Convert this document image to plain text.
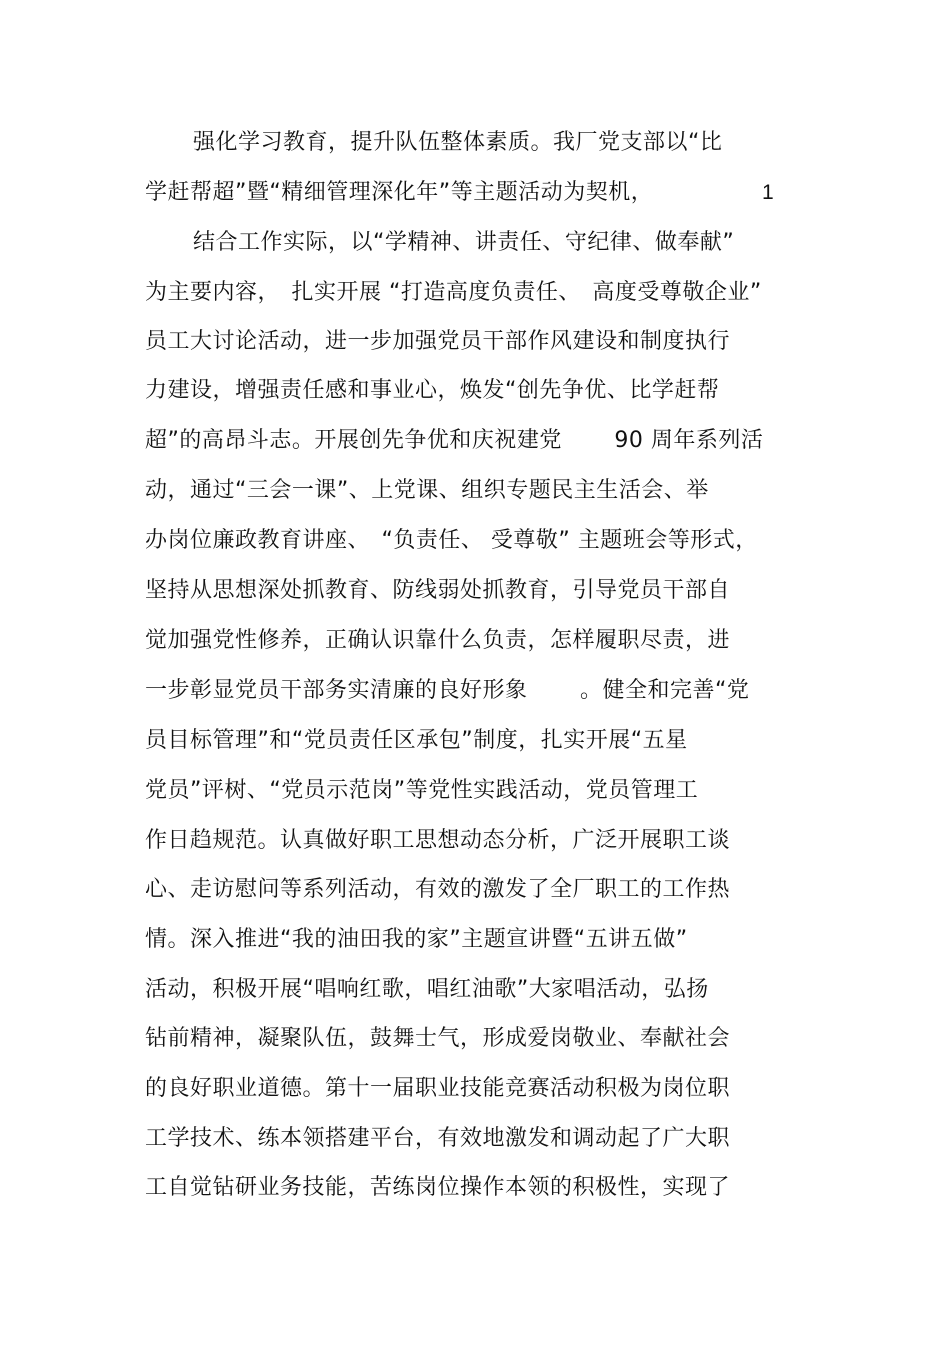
强化学习教育，提升队伍整体素质。我厂党支部以“比
学赶帮超”暨“精细管理深化年”等主题活动为契机，	1
结合工作实际，以“学精神、讲责任、守纪律、做奉献”
为主要内容，　扎实开展 “打造高度负责任、　高度受尊敬企业”
员工大讨论活动，进一步加强党员干部作风建设和制度执行
力建设，增强责任感和事业心，焕发“创先争优、比学赶帮
超”的高昂斗志。开展创先争优和庆祝建党　　 90 周年系列活
动，通过“三会一课”、上党课、组织专题民主生活会、举
办岗位廉政教育讲座、　“负责任、 受尊敬” 主题班会等形式，
坚持从思想深处抓教育、防线弱处抓教育，引导党员干部自
觉加强党性修养，正确认识靠什么负责，怎样履职尽责，进
一步彰显党员干部务实清廉的良好形象　　 。健全和完善“党
员目标管理”和“党员责任区承包”制度，扎实开展“五星
党员”评树、“党员示范岗”等党性实践活动，党员管理工
作日趋规范。认真做好职工思想动态分析，广泛开展职工谈
心、走访慰问等系列活动，有效的激发了全厂职工的工作热
情。深入推进“我的油田我的家”主题宣讲暨“五讲五做”
活动，积极开展“唱响红歌，唱红油歌”大家唱活动，弘扬
钻前精神，凝聚队伍，鼓舞士气，形成爱岗敬业、奉献社会
的良好职业道德。第十一届职业技能竞赛活动积极为岗位职
工学技术、练本领搭建平台，有效地激发和调动起了广大职
工自觉钻研业务技能，苦练岗位操作本领的积极性，实现了
